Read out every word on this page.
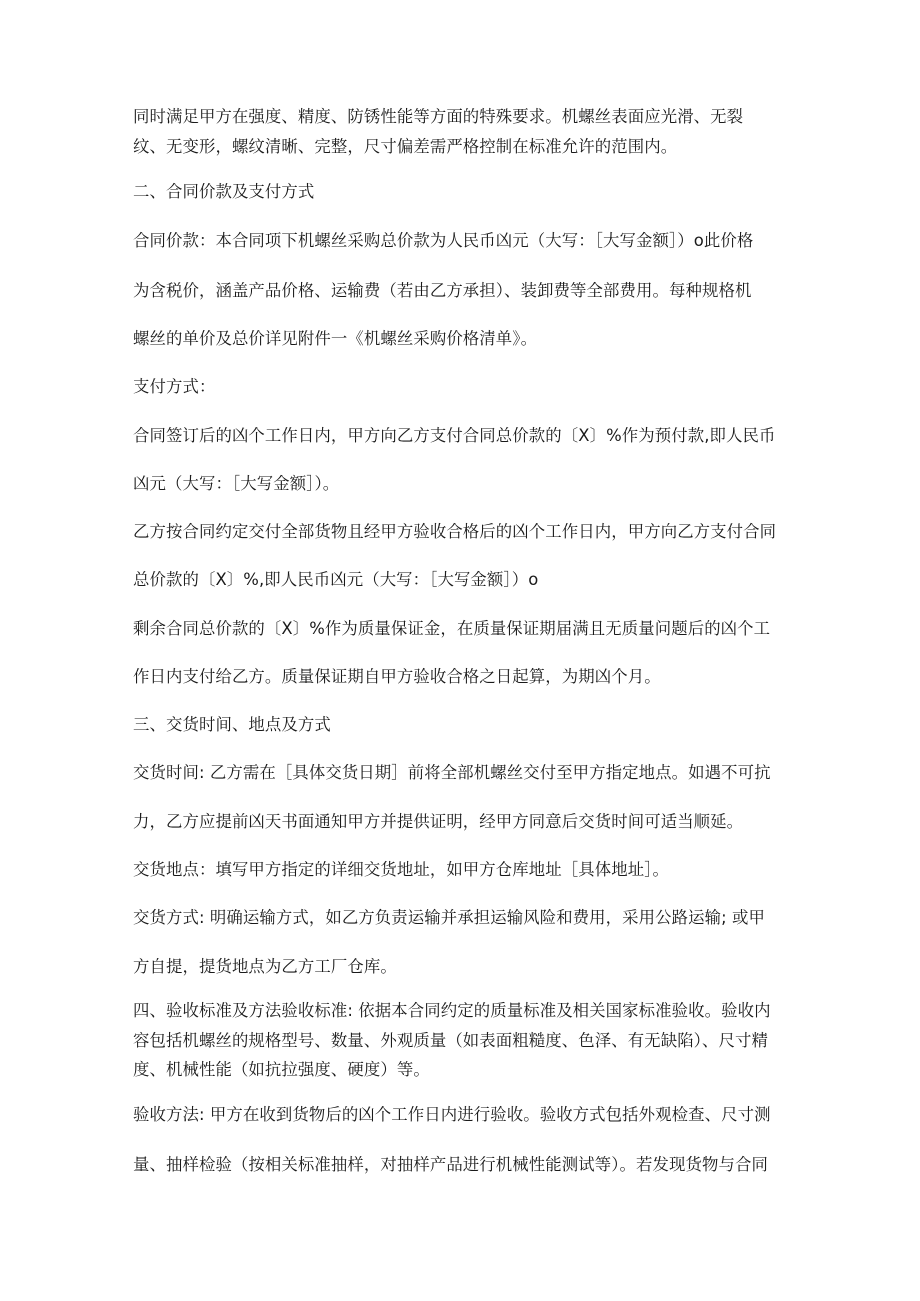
同时满足甲方在强度、精度、防锈性能等方面的特殊要求。机螺丝表面应光滑、无裂
纹、无变形，螺纹清晰、完整，尺寸偏差需严格控制在标准允许的范围内。
二、合同价款及支付方式
合同价款：本合同项下机螺丝采购总价款为人民币凶元（大写：［大写金额］）o此价格
为含税价，涵盖产品价格、运输费（若由乙方承担）、装卸费等全部费用。每种规格机
螺丝的单价及总价详见附件一《机螺丝采购价格清单》。
支付方式：
合同签订后的凶个工作日内，甲方向乙方支付合同总价款的〔X〕%作为预付款,即人民币
凶元（大写：［大写金额］）。
乙方按合同约定交付全部货物且经甲方验收合格后的凶个工作日内，甲方向乙方支付合同
总价款的〔X〕%,即人民币凶元（大写：［大写金额］）o
剩余合同总价款的〔X〕%作为质量保证金，在质量保证期届满且无质量问题后的凶个工
作日内支付给乙方。质量保证期自甲方验收合格之日起算，为期凶个月。
三、交货时间、地点及方式
交货时间: 乙方需在［具体交货日期］前将全部机螺丝交付至甲方指定地点。如遇不可抗
力，乙方应提前凶天书面通知甲方并提供证明，经甲方同意后交货时间可适当顺延。
交货地点：填写甲方指定的详细交货地址，如甲方仓库地址［具体地址］。
交货方式: 明确运输方式，如乙方负责运输并承担运输风险和费用，采用公路运输; 或甲
方自提，提货地点为乙方工厂仓库。
四、验收标准及方法验收标准: 依据本合同约定的质量标准及相关国家标准验收。验收内
容包括机螺丝的规格型号、数量、外观质量（如表面粗糙度、色泽、有无缺陷）、尺寸精
度、机械性能（如抗拉强度、硬度）等。
验收方法: 甲方在收到货物后的凶个工作日内进行验收。验收方式包括外观检查、尺寸测
量、抽样检验（按相关标准抽样，对抽样产品进行机械性能测试等）。若发现货物与合同
